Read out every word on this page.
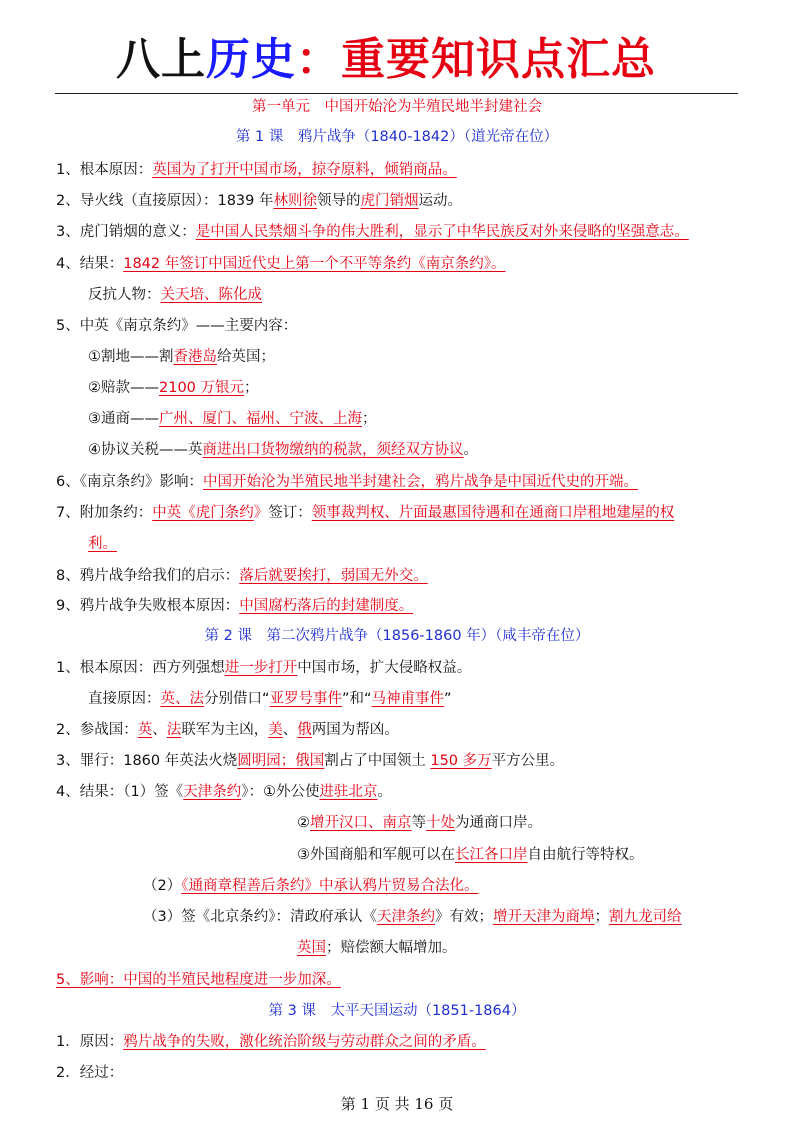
八上历史：重要知识点汇总
第一单元　中国开始沦为半殖民地半封建社会
第 1 课　鸦片战争（1840-1842）（道光帝在位）
1、根本原因：英国为了打开中国市场，掠夺原料，倾销商品。
2、导火线（直接原因）：1839 年林则徐领导的虎门销烟运动。
3、虎门销烟的意义：是中国人民禁烟斗争的伟大胜利，显示了中华民族反对外来侵略的坚强意志。
4、结果：1842 年签订中国近代史上第一个不平等条约《南京条约》。
反抗人物：关天培、陈化成
5、中英《南京条约》——主要内容：
①割地——割香港岛给英国；
②赔款——2100 万银元；
③通商——广州、厦门、福州、宁波、上海；
④协议关税——英商进出口货物缴纳的税款，须经双方协议。
6、《南京条约》影响：中国开始沦为半殖民地半封建社会，鸦片战争是中国近代史的开端。
7、附加条约：中英《虎门条约》签订：领事裁判权、片面最惠国待遇和在通商口岸租地建屋的权
利。
8、鸦片战争给我们的启示：落后就要挨打，弱国无外交。
9、鸦片战争失败根本原因：中国腐朽落后的封建制度。
第 2 课　第二次鸦片战争（1856-1860 年）（咸丰帝在位）
1、根本原因：西方列强想进一步打开中国市场，扩大侵略权益。
直接原因：英、法分别借口“亚罗号事件”和“马神甫事件”
2、参战国：英、法联军为主凶，美、俄两国为帮凶。
3、罪行：1860 年英法火烧圆明园；俄国割占了中国领土 150 多万平方公里。
4、结果：（1）签《天津条约》：①外公使进驻北京。
②增开汉口、南京等十处为通商口岸。
③外国商船和军舰可以在长江各口岸自由航行等特权。
（2）《通商章程善后条约》中承认鸦片贸易合法化。
（3）签《北京条约》：清政府承认《天津条约》有效；增开天津为商埠；割九龙司给
英国；赔偿额大幅增加。
5、影响：中国的半殖民地程度进一步加深。
第 3 课　太平天国运动（1851-1864）
1．原因：鸦片战争的失败，激化统治阶级与劳动群众之间的矛盾。
2．经过：
第 1 页 共 16 页
